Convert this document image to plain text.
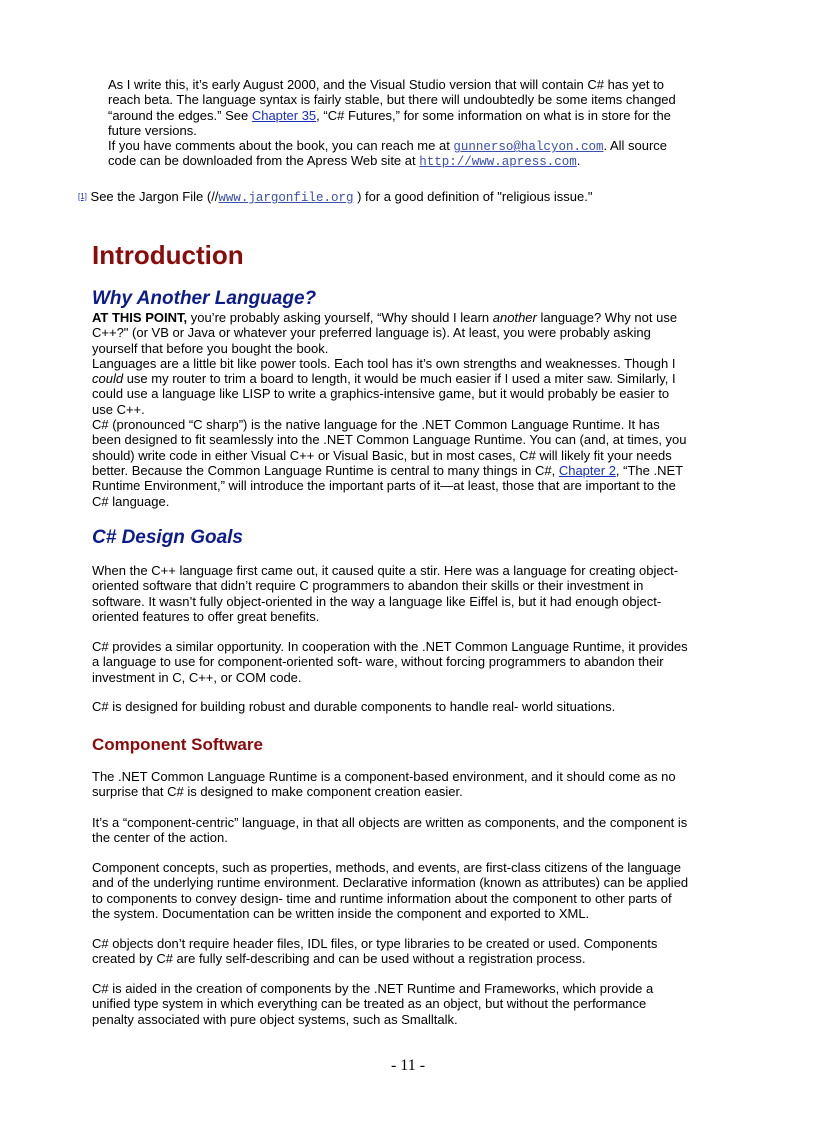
As I write this, it’s early August 2000, and the Visual Studio version that will contain C# has yet to
reach beta. The language syntax is fairly stable, but there will undoubtedly be some items changed
“around the edges.” See Chapter 35, “C# Futures,” for some information on what is in store for the
future versions.
If you have comments about the book, you can reach me at gunnerso@halcyon.com. All source
code can be downloaded from the Apress Web site at http://www.apress.com.
[1] See the Jargon File (//www.jargonfile.org ) for a good definition of "religious issue."
Introduction
Why Another Language?
AT THIS POINT, you’re probably asking yourself, “Why should I learn another language? Why not use
C++?" (or VB or Java or whatever your preferred language is). At least, you were probably asking
yourself that before you bought the book.
Languages are a little bit like power tools. Each tool has it’s own strengths and weaknesses. Though I
could use my router to trim a board to length, it would be much easier if I used a miter saw. Similarly, I
could use a language like LISP to write a graphics-intensive game, but it would probably be easier to
use C++.
C# (pronounced “C sharp”) is the native language for the .NET Common Language Runtime. It has
been designed to fit seamlessly into the .NET Common Language Runtime. You can (and, at times, you
should) write code in either Visual C++ or Visual Basic, but in most cases, C# will likely fit your needs
better. Because the Common Language Runtime is central to many things in C#, Chapter 2, “The .NET
Runtime Environment,” will introduce the important parts of it—at least, those that are important to the
C# language.
C# Design Goals
When the C++ language first came out, it caused quite a stir. Here was a language for creating object-
oriented software that didn’t require C programmers to abandon their skills or their investment in
software. It wasn’t fully object-oriented in the way a language like Eiffel is, but it had enough object-
oriented features to offer great benefits.
C# provides a similar opportunity. In cooperation with the .NET Common Language Runtime, it provides
a language to use for component-oriented soft- ware, without forcing programmers to abandon their
investment in C, C++, or COM code.
C# is designed for building robust and durable components to handle real- world situations.
Component Software
The .NET Common Language Runtime is a component-based environment, and it should come as no
surprise that C# is designed to make component creation easier.
It’s a “component-centric” language, in that all objects are written as components, and the component is
the center of the action.
Component concepts, such as properties, methods, and events, are first-class citizens of the language
and of the underlying runtime environment. Declarative information (known as attributes) can be applied
to components to convey design- time and runtime information about the component to other parts of
the system. Documentation can be written inside the component and exported to XML.
C# objects don’t require header files, IDL files, or type libraries to be created or used. Components
created by C# are fully self-describing and can be used without a registration process.
C# is aided in the creation of components by the .NET Runtime and Frameworks, which provide a
unified type system in which everything can be treated as an object, but without the performance
penalty associated with pure object systems, such as Smalltalk.
- 11 -
